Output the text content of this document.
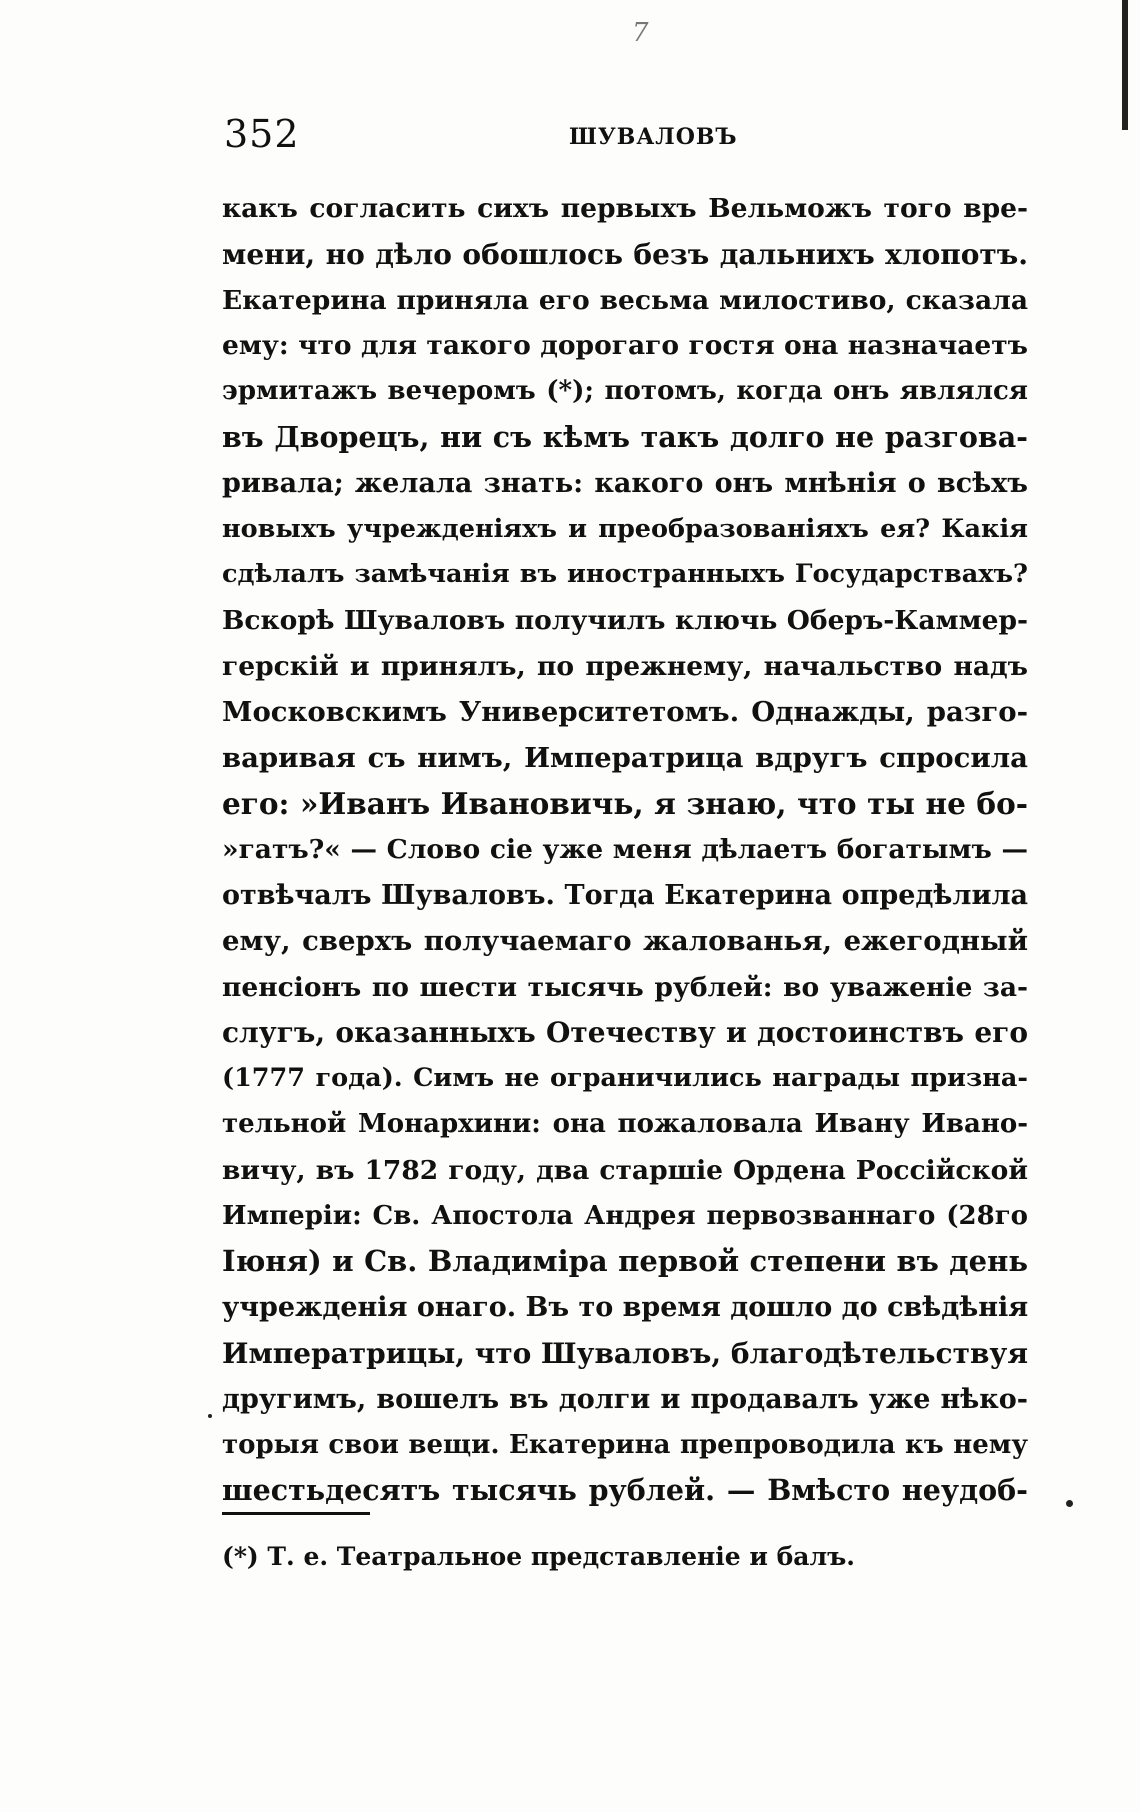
7
352	ШУВАЛОВЪ
какъ согласить сихъ первыхъ Вельможъ того вре-
мени, но дѣло обошлось безъ дальнихъ хлопотъ.
Екатерина приняла его весьма милостиво, сказала
ему: что для такого дорогаго гостя она назначаетъ
эрмитажъ вечеромъ (*); потомъ, когда онъ являлся
въ Дворецъ, ни съ кѣмъ такъ долго не разгова-
ривала; желала знать: какого онъ мнѣнія о всѣхъ
новыхъ учрежденіяхъ и преобразованіяхъ ея? Какія
сдѣлалъ замѣчанія въ иностранныхъ Государствахъ?
Вскорѣ Шуваловъ получилъ ключь Оберъ-Каммер-
герскій и принялъ, по прежнему, начальство надъ
Московскимъ Университетомъ. Однажды, разго-
варивая съ нимъ, Императрица вдругъ спросила
его: »Иванъ Ивановичь, я знаю, что ты не бо-
»гатъ?« — Слово сіе уже меня дѣлаетъ богатымъ —
отвѣчалъ Шуваловъ. Тогда Екатерина опредѣлила
ему, сверхъ получаемаго жалованья, ежегодный
пенсіонъ по шести тысячь рублей: во уваженіе за-
слугъ, оказанныхъ Отечеству и достоинствъ его
(1777 года). Симъ не ограничились награды призна-
тельной Монархини: она пожаловала Ивану Ивано-
вичу, въ 1782 году, два старшіе Ордена Россійской
Имперіи: Св. Апостола Андрея первозваннаго (28го
Іюня) и Св. Владиміра первой степени въ день
учрежденія онаго. Въ то время дошло до свѣдѣнія
Императрицы, что Шуваловъ, благодѣтельствуя
другимъ, вошелъ въ долги и продавалъ уже нѣко-
торыя свои вещи. Екатерина препроводила къ нему
шестьдесятъ тысячь рублей. — Вмѣсто неудоб-
(*) Т. е. Театральное представленіе и балъ.
